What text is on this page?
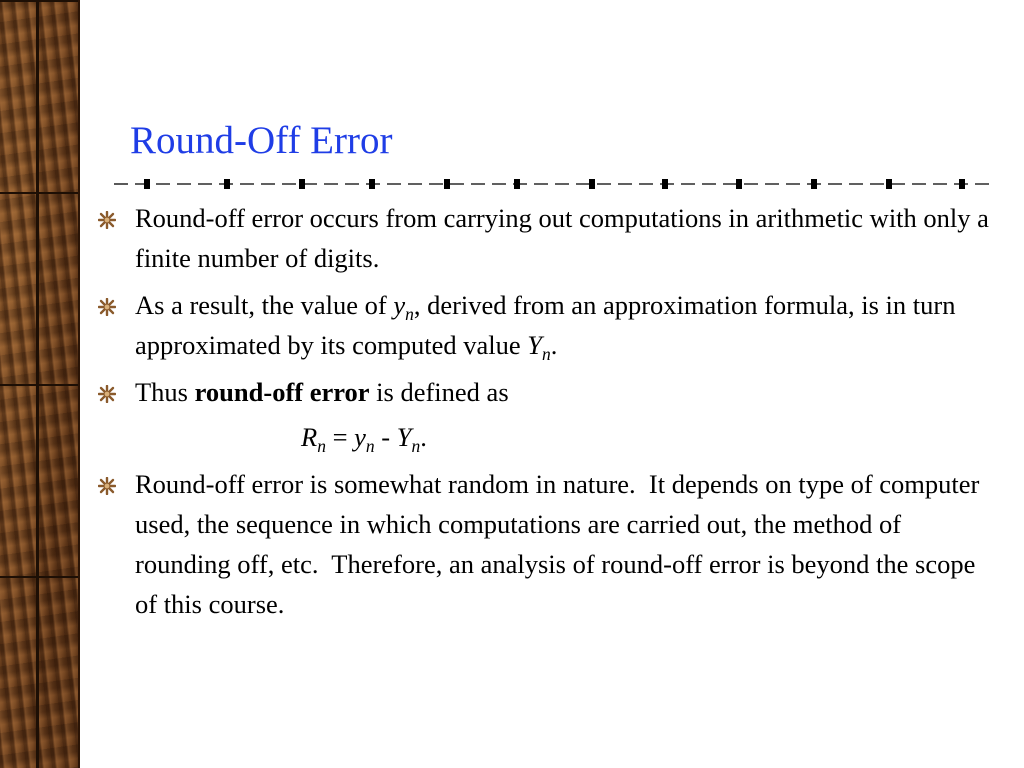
Round-Off Error
Round-off error occurs from carrying out computations in arithmetic with only a finite number of digits.
As a result, the value of $y_n$, derived from an approximation formula, is in turn approximated by its computed value $Y_n$.
Thus round-off error is defined as
$R_n = y_n - Y_n$.
Round-off error is somewhat random in nature.  It depends on type of computer used, the sequence in which computations are carried out, the method of rounding off, etc.  Therefore, an analysis of round-off error is beyond the scope of this course.
